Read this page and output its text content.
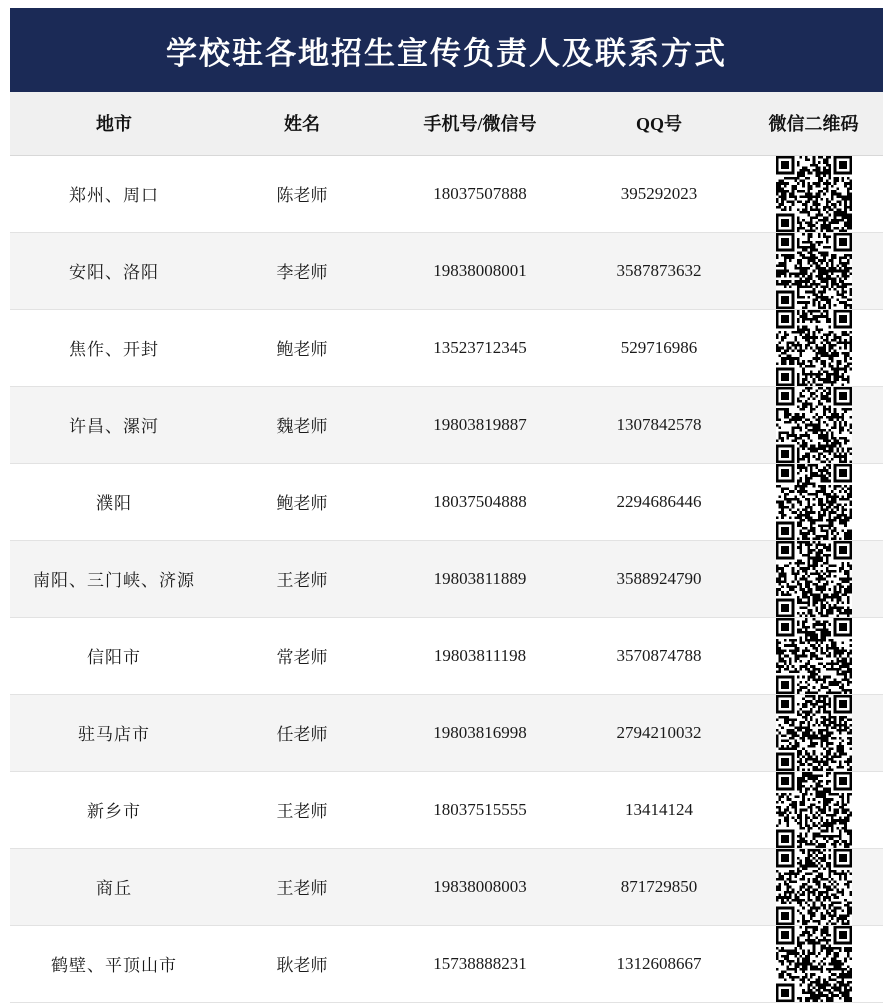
学校驻各地招生宣传负责人及联系方式
地市	姓名	手机号/微信号	QQ号	微信二维码
郑州、周口	陈老师	18037507888	395292023	

安阳、洛阳	李老师	19838008001	3587873632	

焦作、开封	鲍老师	13523712345	529716986	

许昌、漯河	魏老师	19803819887	1307842578	

濮阳	鲍老师	18037504888	2294686446	

南阳、三门峡、济源	王老师	19803811889	3588924790	

信阳市	常老师	19803811198	3570874788	

驻马店市	任老师	19803816998	2794210032	

新乡市	王老师	18037515555	13414124	

商丘	王老师	19838008003	871729850	

鹤壁、平顶山市	耿老师	15738888231	1312608667	
